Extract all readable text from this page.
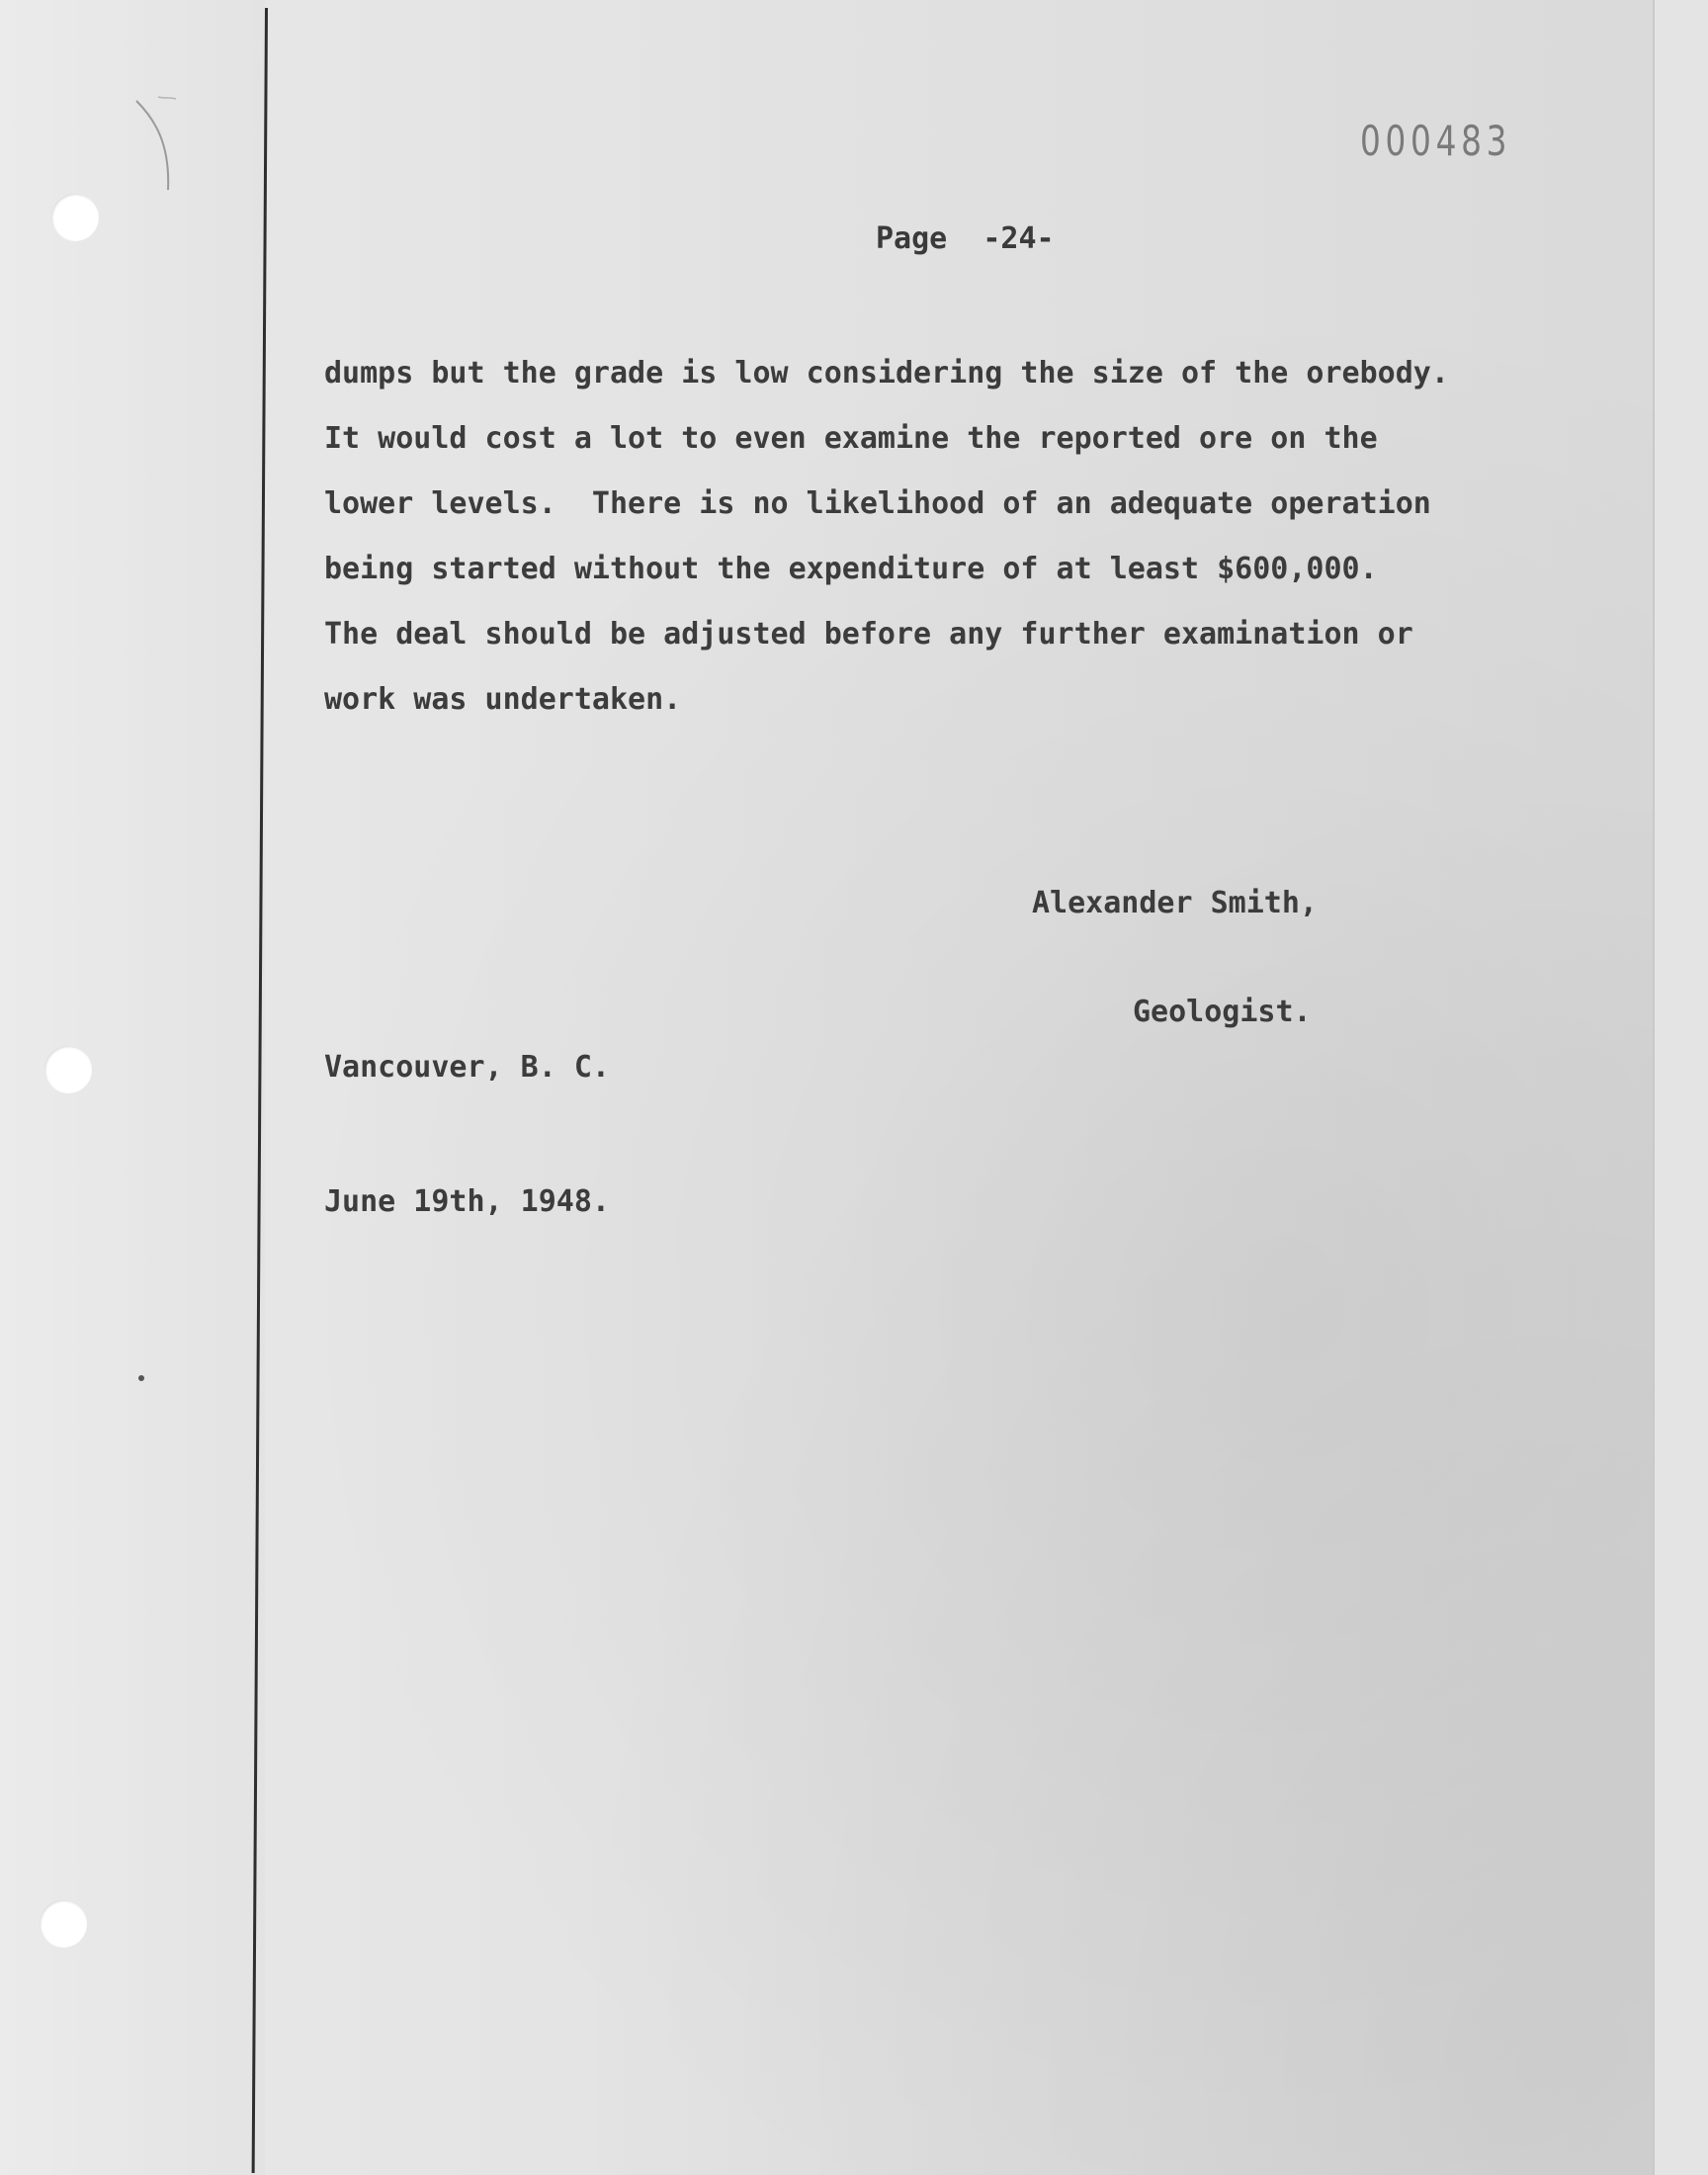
000483
Page  -24-
dumps but the grade is low considering the size of the orebody.
It would cost a lot to even examine the reported ore on the
lower levels.  There is no likelihood of an adequate operation
being started without the expenditure of at least $600,000.
The deal should be adjusted before any further examination or
work was undertaken.

Alexander Smith,

Geologist.

Vancouver, B. C.

June 19th, 1948.
